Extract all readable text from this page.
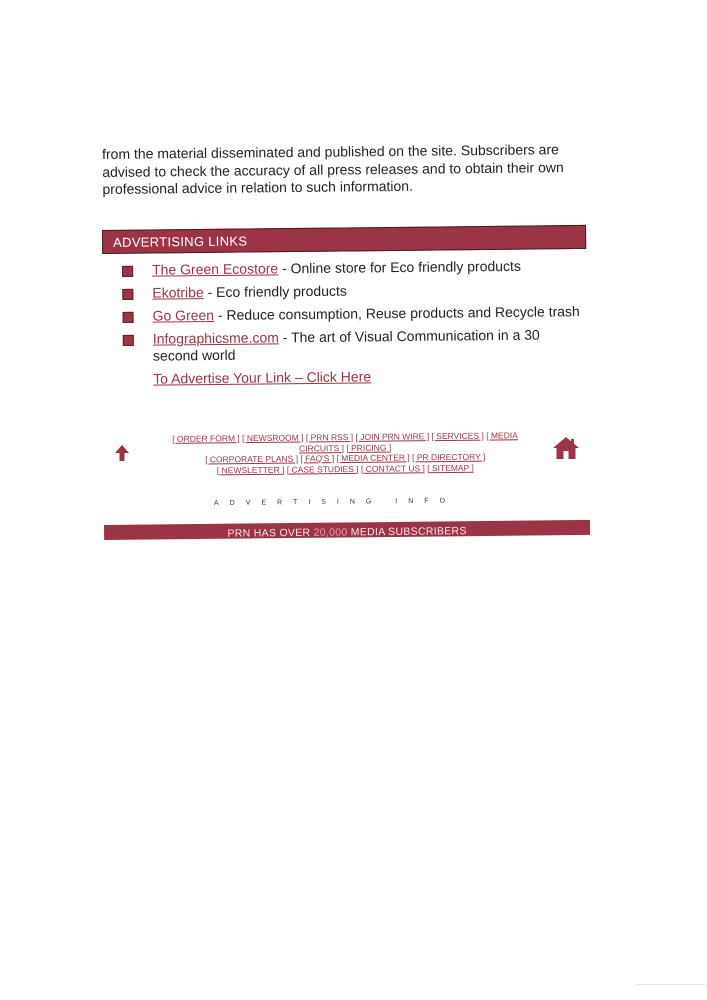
from the material disseminated and published on the site. Subscribers are advised to check the accuracy of all press releases and to obtain their own professional advice in relation to such information.
ADVERTISING LINKS
The Green Ecostore - Online store for Eco friendly products
Ekotribe - Eco friendly products
Go Green - Reduce consumption, Reuse products and Recycle trash
Infographicsme.com - The art of Visual Communication in a 30 second world
To Advertise Your Link – Click Here
[ ORDER FORM ] [ NEWSROOM ] [ PRN RSS ] [ JOIN PRN WIRE ] [ SERVICES ] [ MEDIA CIRCUITS ] [ PRICING ]
[ CORPORATE PLANS ] [ FAQ'S ] [ MEDIA CENTER ] [ PR DIRECTORY ]
[ NEWSLETTER ] [ CASE STUDIES ] [ CONTACT US ] [ SITEMAP ]
ADVERTISING INFO
PRN HAS OVER 20,000 MEDIA SUBSCRIBERS
